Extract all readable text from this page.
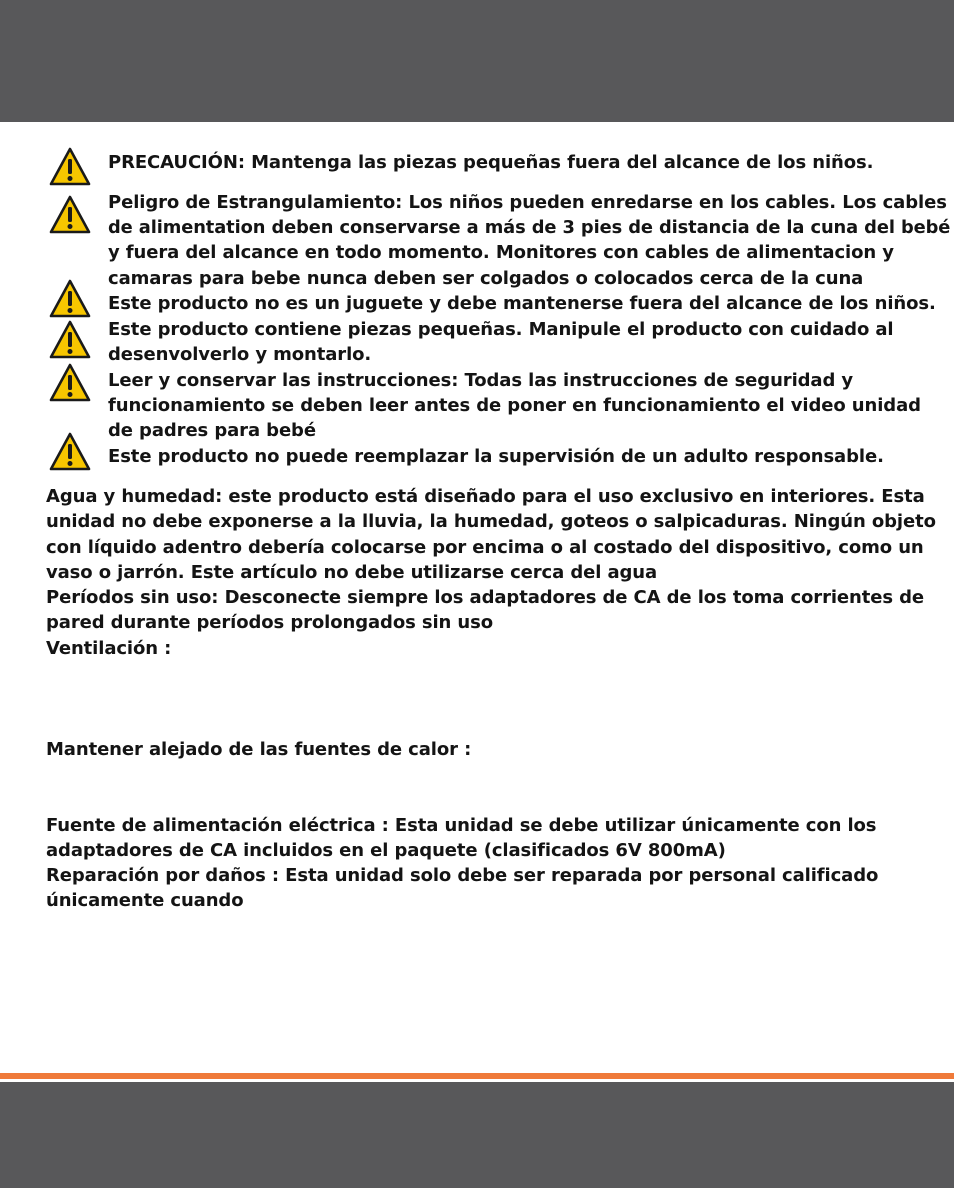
PRECAUCIÓN: Mantenga las piezas pequeñas fuera del alcance de los niños.

Peligro de Estrangulamiento: Los niños pueden enredarse en los cables. Los cables

de alimentation deben conservarse a más de 3 pies de distancia de la cuna del bebé

y fuera del alcance en todo momento. Monitores con cables de alimentacion y

camaras para bebe nunca deben ser colgados o colocados cerca de la cuna

Este producto no es un juguete y debe mantenerse fuera del alcance de los niños.

Este producto contiene piezas pequeñas. Manipule el producto con cuidado al

desenvolverlo y montarlo.

Leer y conservar las instrucciones: Todas las instrucciones de seguridad y

funcionamiento se deben leer antes de poner en funcionamiento el video unidad

de padres para bebé

Este producto no puede reemplazar la supervisión de un adulto responsable.

Agua y humedad: este producto está diseñado para el uso exclusivo en interiores. Esta

unidad no debe exponerse a la lluvia, la humedad, goteos o salpicaduras. Ningún objeto

con líquido adentro debería colocarse por encima o al costado del dispositivo, como un

vaso o jarrón. Este artículo no debe utilizarse cerca del agua

Períodos sin uso: Desconecte siempre los adaptadores de CA de los toma corrientes de

pared durante períodos prolongados sin uso

Ventilación :

Mantener alejado de las fuentes de calor :

Fuente de alimentación eléctrica : Esta unidad se debe utilizar únicamente con los

adaptadores de CA incluidos en el paquete (clasificados 6V 800mA)

Reparación por daños : Esta unidad solo debe ser reparada por personal calificado

únicamente cuando
